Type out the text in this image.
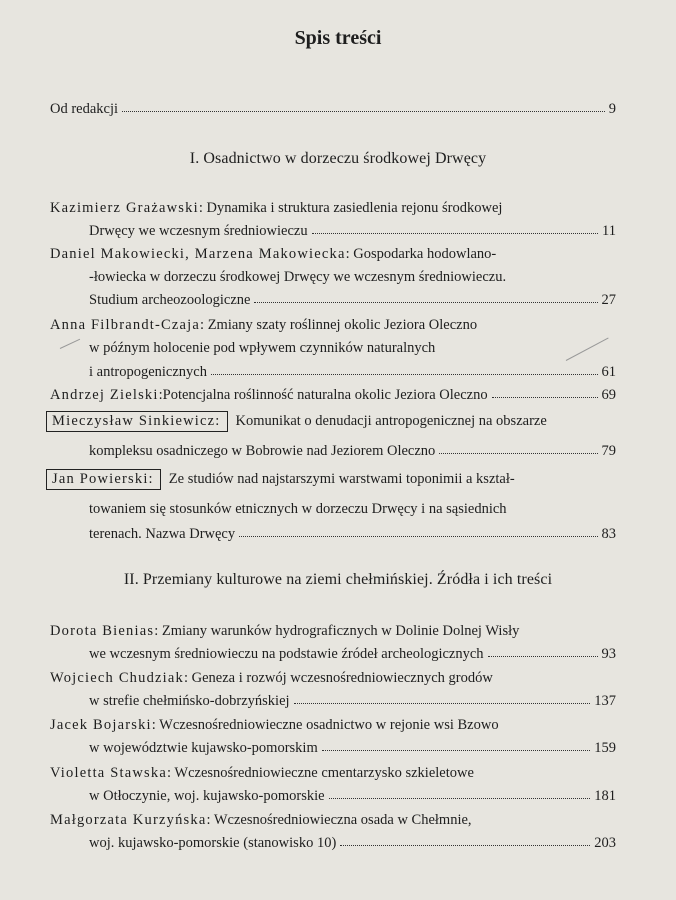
Spis treści
Od redakcji	9
I. Osadnictwo w dorzeczu środkowej Drwęcy
Kazimierz Grażawski: Dynamika i struktura zasiedlenia rejonu środkowej
Drwęcy we wczesnym średniowieczu	11
Daniel Makowiecki, Marzena Makowiecka: Gospodarka hodowlano-
-łowiecka w dorzeczu środkowej Drwęcy we wczesnym średniowieczu.
Studium archeozoologiczne	27
Anna Filbrandt-Czaja: Zmiany szaty roślinnej okolic Jeziora Oleczno
w późnym holocenie pod wpływem czynników naturalnych
i antropogenicznych	61
Andrzej Zielski:Potencjalna roślinność naturalna okolic Jeziora Oleczno	69
Mieczysław Sinkiewicz: Komunikat o denudacji antropogenicznej na obszarze
kompleksu osadniczego w Bobrowie nad Jeziorem Oleczno	79
Jan Powierski: Ze studiów nad najstarszymi warstwami toponimii a kształ-
towaniem się stosunków etnicznych w dorzeczu Drwęcy i na sąsiednich
terenach. Nazwa Drwęcy	83
II. Przemiany kulturowe na ziemi chełmińskiej. Źródła i ich treści
Dorota Bienias: Zmiany warunków hydrograficznych w Dolinie Dolnej Wisły
we wczesnym średniowieczu na podstawie źródeł archeologicznych	93
Wojciech Chudziak: Geneza i rozwój wczesnośredniowiecznych grodów
w strefie chełmińsko-dobrzyńskiej	137
Jacek Bojarski: Wczesnośredniowieczne osadnictwo w rejonie wsi Bzowo
w województwie kujawsko-pomorskim	159
Violetta Stawska: Wczesnośredniowieczne cmentarzysko szkieletowe
w Otłoczynie, woj. kujawsko-pomorskie	181
Małgorzata Kurzyńska: Wczesnośredniowieczna osada w Chełmnie,
woj. kujawsko-pomorskie (stanowisko 10)	203
